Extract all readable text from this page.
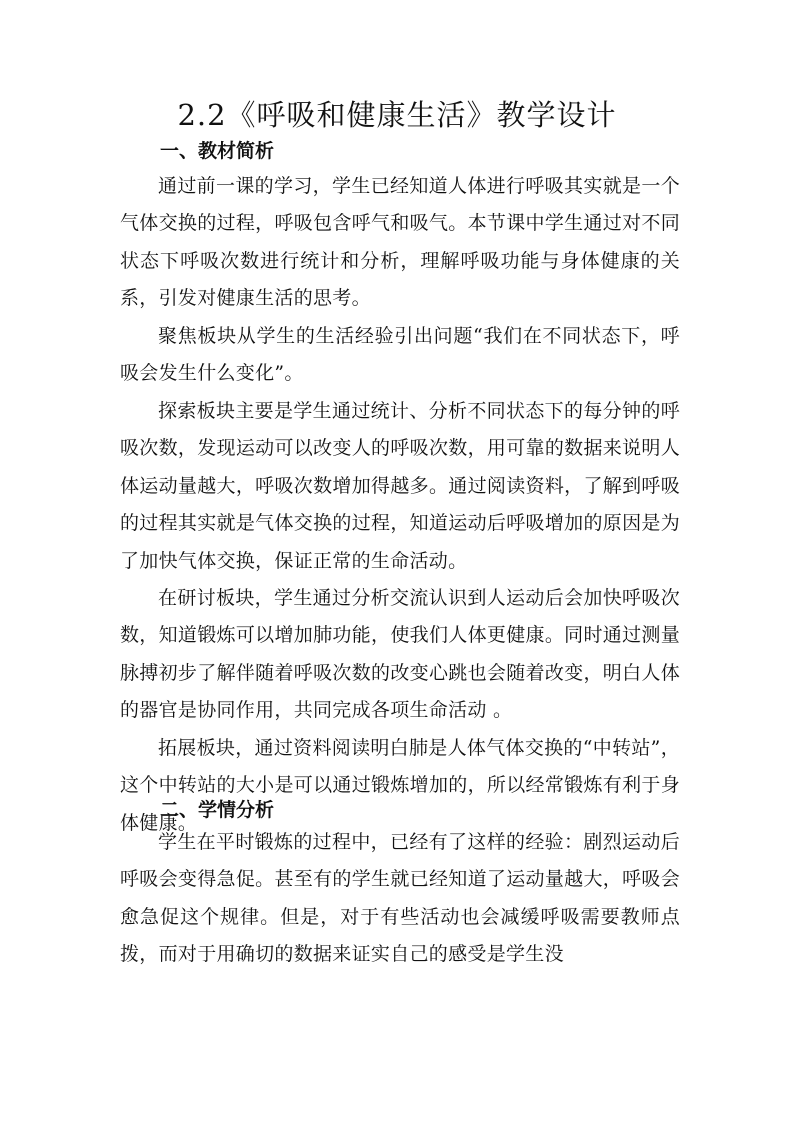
2.2《呼吸和健康生活》教学设计
一、教材简析

通过前一课的学习，学生已经知道人体进行呼吸其实就是一个气体交换的过程，呼吸包含呼气和吸气。本节课中学生通过对不同状态下呼吸次数进行统计和分析，理解呼吸功能与身体健康的关系，引发对健康生活的思考。

聚焦板块从学生的生活经验引出问题“我们在不同状态下，呼吸会发生什么变化”。

探索板块主要是学生通过统计、分析不同状态下的每分钟的呼吸次数，发现运动可以改变人的呼吸次数，用可靠的数据来说明人体运动量越大，呼吸次数增加得越多。通过阅读资料，了解到呼吸的过程其实就是气体交换的过程，知道运动后呼吸增加的原因是为了加快气体交换，保证正常的生命活动。

在研讨板块，学生通过分析交流认识到人运动后会加快呼吸次数，知道锻炼可以增加肺功能，使我们人体更健康。同时通过测量脉搏初步了解伴随着呼吸次数的改变心跳也会随着改变，明白人体的器官是协同作用，共同完成各项生命活动 。

拓展板块，通过资料阅读明白肺是人体气体交换的“中转站”，这个中转站的大小是可以通过锻炼增加的，所以经常锻炼有利于身体健康。

二、学情分析

学生在平时锻炼的过程中，已经有了这样的经验：剧烈运动后呼吸会变得急促。甚至有的学生就已经知道了运动量越大，呼吸会愈急促这个规律。但是，对于有些活动也会减缓呼吸需要教师点拨，而对于用确切的数据来证实自己的感受是学生没
